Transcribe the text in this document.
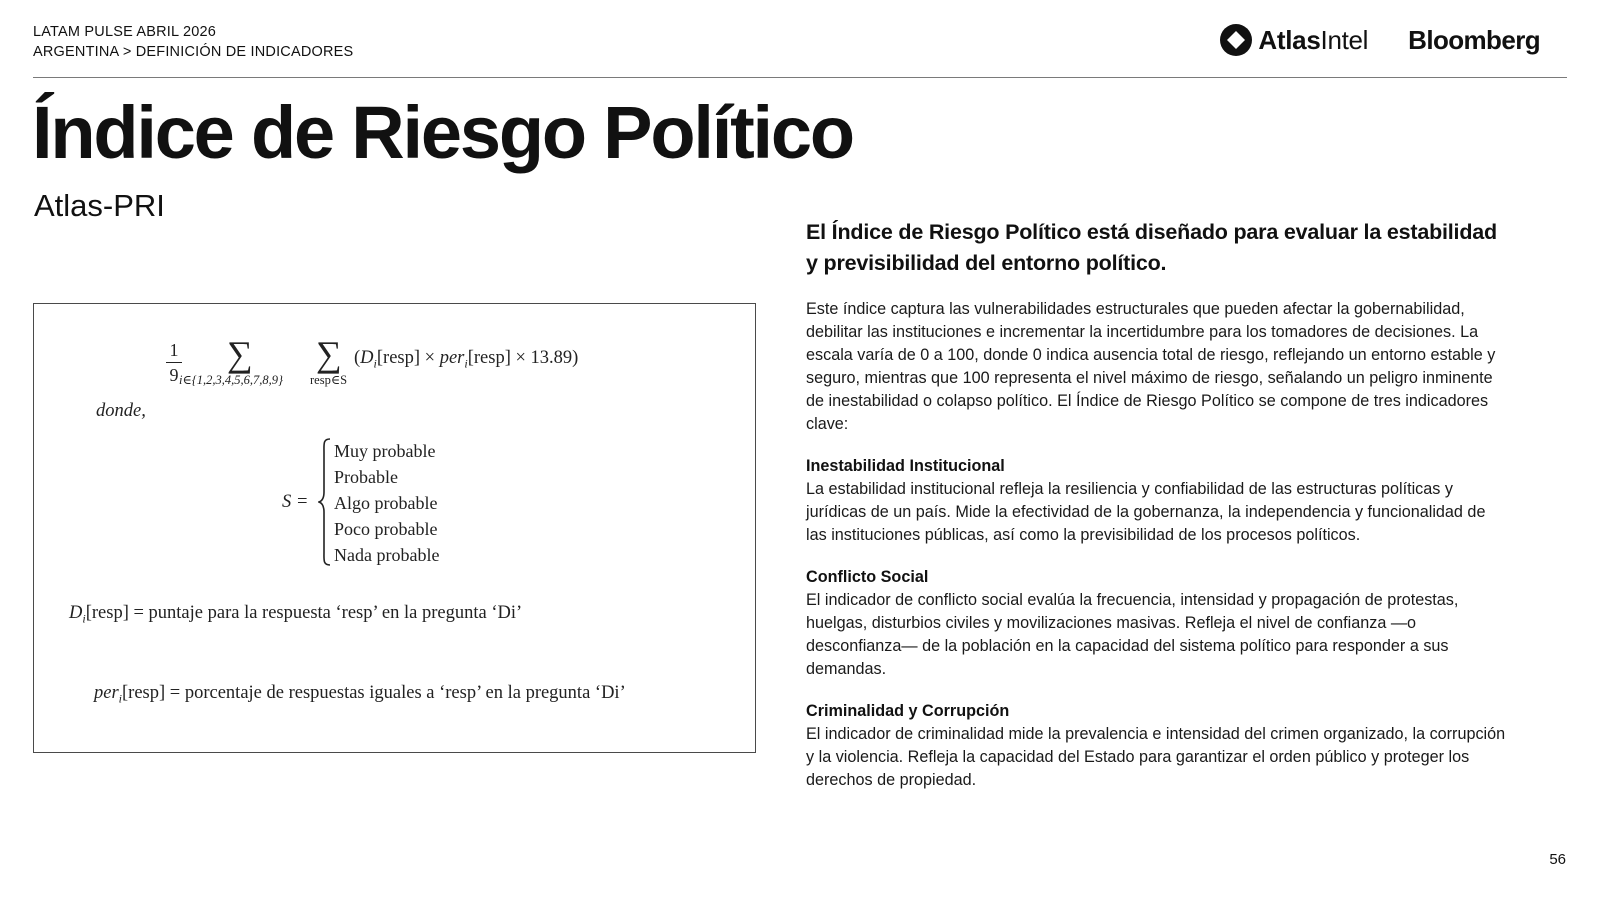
LATAM PULSE ABRIL 2026
ARGENTINA > DEFINICIÓN DE INDICADORES	AtlasIntel Bloomberg
Índice de Riesgo Político
Atlas-PRI
1
9
∑
i∈{1,2,3,4,5,6,7,8,9}
∑
resp∈S
($D_i[resp]$ × per$_i$[resp] × 13.89)
donde,
S =
Muy probable
Probable
Algo probable
Poco probable
Nada probable
$D_i[resp]$ = puntaje para la respuesta ‘resp’ en la pregunta ‘Di’
per$_i$[resp] = porcentaje de respuestas iguales a ‘resp’ en la pregunta ‘Di’

El Índice de Riesgo Político está diseñado para evaluar la estabilidad y previsibilidad del entorno político.

Este índice captura las vulnerabilidades estructurales que pueden afectar la gobernabilidad, debilitar las instituciones e incrementar la incertidumbre para los tomadores de decisiones. La escala varía de 0 a 100, donde 0 indica ausencia total de riesgo, reflejando un entorno estable y seguro, mientras que 100 representa el nivel máximo de riesgo, señalando un peligro inminente de inestabilidad o colapso político. El Índice de Riesgo Político se compone de tres indicadores clave:

Inestabilidad Institucional

La estabilidad institucional refleja la resiliencia y confiabilidad de las estructuras políticas y jurídicas de un país. Mide la efectividad de la gobernanza, la independencia y funcionalidad de las instituciones públicas, así como la previsibilidad de los procesos políticos.

Conflicto Social

El indicador de conflicto social evalúa la frecuencia, intensidad y propagación de protestas, huelgas, disturbios civiles y movilizaciones masivas. Refleja el nivel de confianza —o desconfianza— de la población en la capacidad del sistema político para responder a sus demandas.

Criminalidad y Corrupción

El indicador de criminalidad mide la prevalencia e intensidad del crimen organizado, la corrupción y la violencia. Refleja la capacidad del Estado para garantizar el orden público y proteger los derechos de propiedad.

56
